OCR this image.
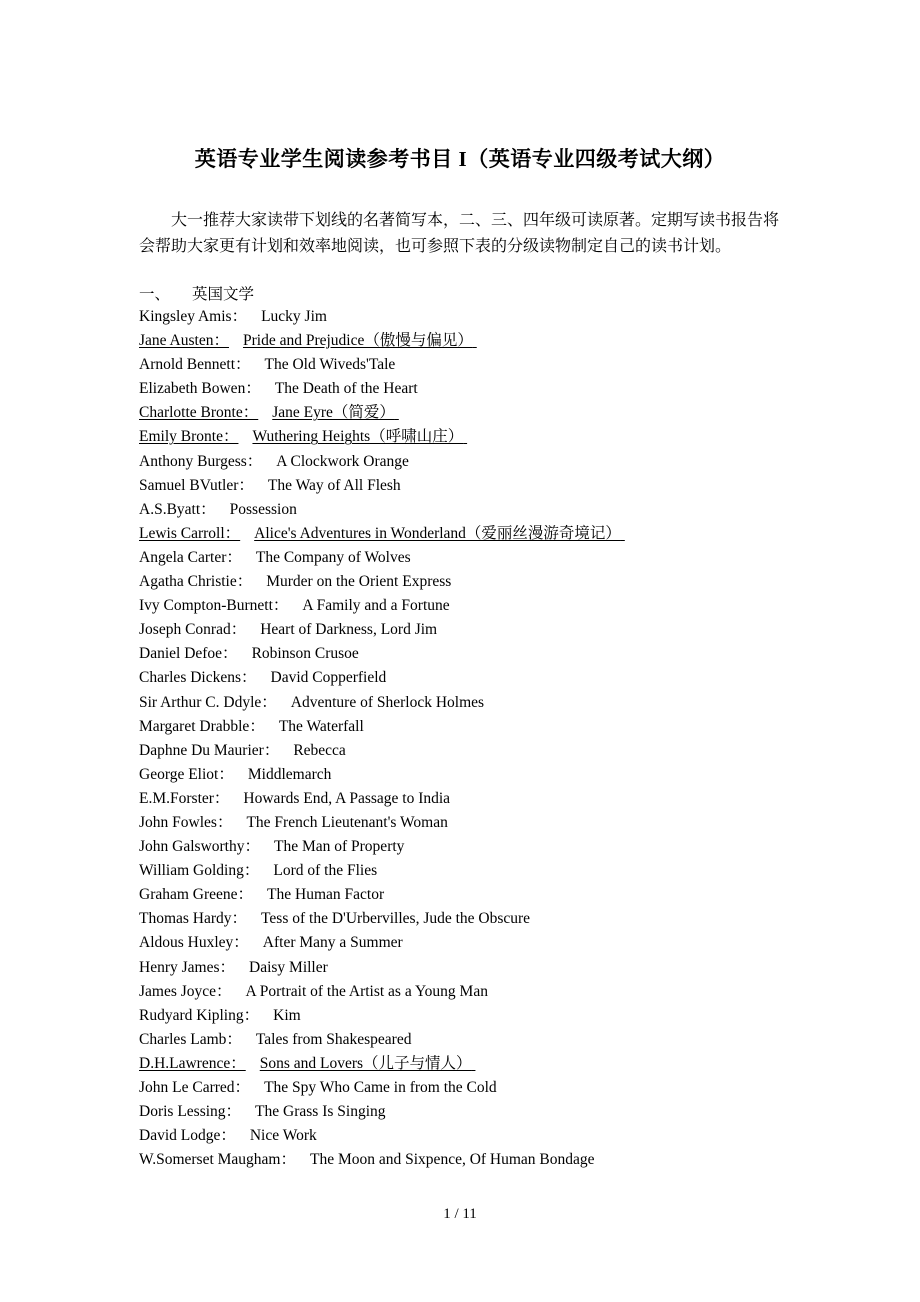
英语专业学生阅读参考书目 I（英语专业四级考试大纲）
大一推荐大家读带下划线的名著简写本，二、三、四年级可读原著。定期写读书报告将会帮助大家更有计划和效率地阅读，也可参照下表的分级读物制定自己的读书计划。
一、 英国文学
Kingsley Amis： Lucky Jim
Jane Austen： Pride and Prejudice（傲慢与偏见）
Arnold Bennett： The Old Wiveds'Tale
Elizabeth Bowen： The Death of the Heart
Charlotte Bronte： Jane Eyre（简爱）
Emily Bronte： Wuthering Heights（呼啸山庄）
Anthony Burgess： A Clockwork Orange
Samuel BVutler： The Way of All Flesh
A.S.Byatt： Possession
Lewis Carroll： Alice's Adventures in Wonderland（爱丽丝漫游奇境记）
Angela Carter： The Company of Wolves
Agatha Christie： Murder on the Orient Express
Ivy Compton-Burnett： A Family and a Fortune
Joseph Conrad： Heart of Darkness, Lord Jim
Daniel Defoe： Robinson Crusoe
Charles Dickens： David Copperfield
Sir Arthur C. Ddyle： Adventure of Sherlock Holmes
Margaret Drabble： The Waterfall
Daphne Du Maurier： Rebecca
George Eliot： Middlemarch
E.M.Forster： Howards End, A Passage to India
John Fowles： The French Lieutenant's Woman
John Galsworthy： The Man of Property
William Golding： Lord of the Flies
Graham Greene： The Human Factor
Thomas Hardy： Tess of the D'Urbervilles, Jude the Obscure
Aldous Huxley： After Many a Summer
Henry James： Daisy Miller
James Joyce： A Portrait of the Artist as a Young Man
Rudyard Kipling： Kim
Charles Lamb： Tales from Shakespeared
D.H.Lawrence： Sons and Lovers（儿子与情人）
John Le Carred： The Spy Who Came in from the Cold
Doris Lessing： The Grass Is Singing
David Lodge： Nice Work
W.Somerset Maugham： The Moon and Sixpence, Of Human Bondage
1 / 11
